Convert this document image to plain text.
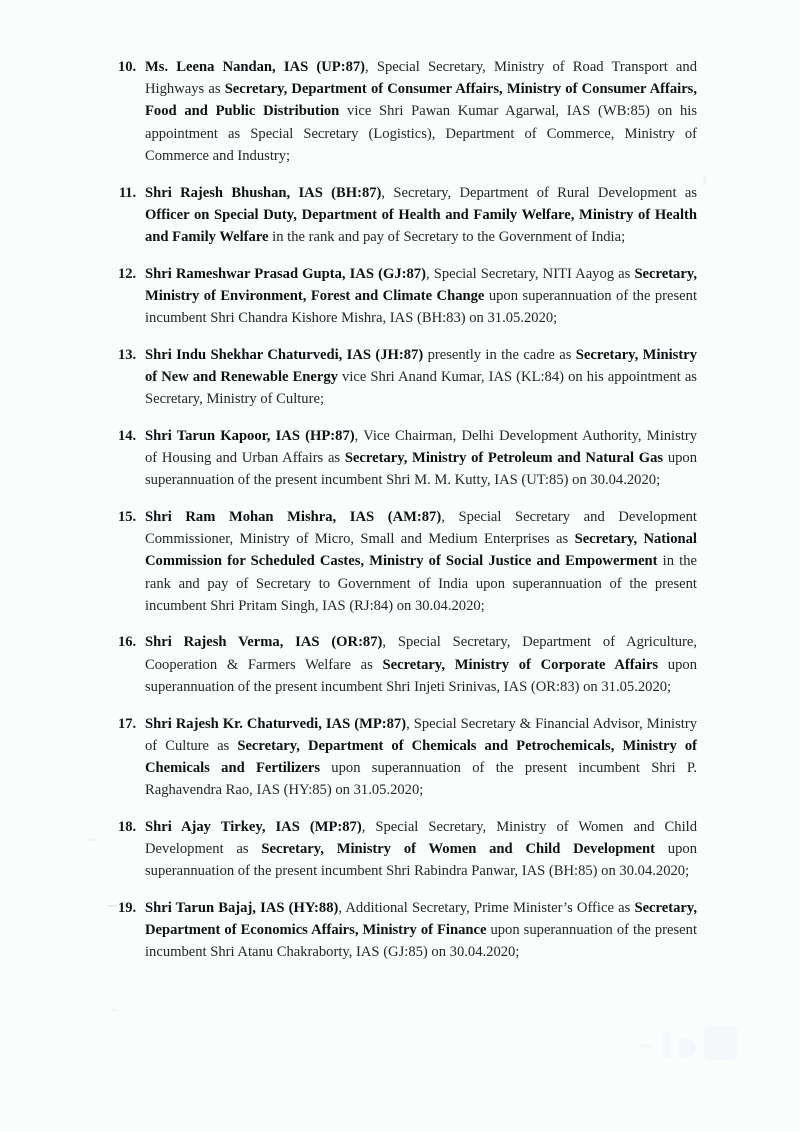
10. Ms. Leena Nandan, IAS (UP:87), Special Secretary, Ministry of Road Transport and Highways as Secretary, Department of Consumer Affairs, Ministry of Consumer Affairs, Food and Public Distribution vice Shri Pawan Kumar Agarwal, IAS (WB:85) on his appointment as Special Secretary (Logistics), Department of Commerce, Ministry of Commerce and Industry;
11. Shri Rajesh Bhushan, IAS (BH:87), Secretary, Department of Rural Development as Officer on Special Duty, Department of Health and Family Welfare, Ministry of Health and Family Welfare in the rank and pay of Secretary to the Government of India;
12. Shri Rameshwar Prasad Gupta, IAS (GJ:87), Special Secretary, NITI Aayog as Secretary, Ministry of Environment, Forest and Climate Change upon superannuation of the present incumbent Shri Chandra Kishore Mishra, IAS (BH:83) on 31.05.2020;
13. Shri Indu Shekhar Chaturvedi, IAS (JH:87) presently in the cadre as Secretary, Ministry of New and Renewable Energy vice Shri Anand Kumar, IAS (KL:84) on his appointment as Secretary, Ministry of Culture;
14. Shri Tarun Kapoor, IAS (HP:87), Vice Chairman, Delhi Development Authority, Ministry of Housing and Urban Affairs as Secretary, Ministry of Petroleum and Natural Gas upon superannuation of the present incumbent Shri M. M. Kutty, IAS (UT:85) on 30.04.2020;
15. Shri Ram Mohan Mishra, IAS (AM:87), Special Secretary and Development Commissioner, Ministry of Micro, Small and Medium Enterprises as Secretary, National Commission for Scheduled Castes, Ministry of Social Justice and Empowerment in the rank and pay of Secretary to Government of India upon superannuation of the present incumbent Shri Pritam Singh, IAS (RJ:84) on 30.04.2020;
16. Shri Rajesh Verma, IAS (OR:87), Special Secretary, Department of Agriculture, Cooperation & Farmers Welfare as Secretary, Ministry of Corporate Affairs upon superannuation of the present incumbent Shri Injeti Srinivas, IAS (OR:83) on 31.05.2020;
17. Shri Rajesh Kr. Chaturvedi, IAS (MP:87), Special Secretary & Financial Advisor, Ministry of Culture as Secretary, Department of Chemicals and Petrochemicals, Ministry of Chemicals and Fertilizers upon superannuation of the present incumbent Shri P. Raghavendra Rao, IAS (HY:85) on 31.05.2020;
18. Shri Ajay Tirkey, IAS (MP:87), Special Secretary, Ministry of Women and Child Development as Secretary, Ministry of Women and Child Development upon superannuation of the present incumbent Shri Rabindra Panwar, IAS (BH:85) on 30.04.2020;
19. Shri Tarun Bajaj, IAS (HY:88), Additional Secretary, Prime Minister’s Office as Secretary, Department of Economics Affairs, Ministry of Finance upon superannuation of the present incumbent Shri Atanu Chakraborty, IAS (GJ:85) on 30.04.2020;
